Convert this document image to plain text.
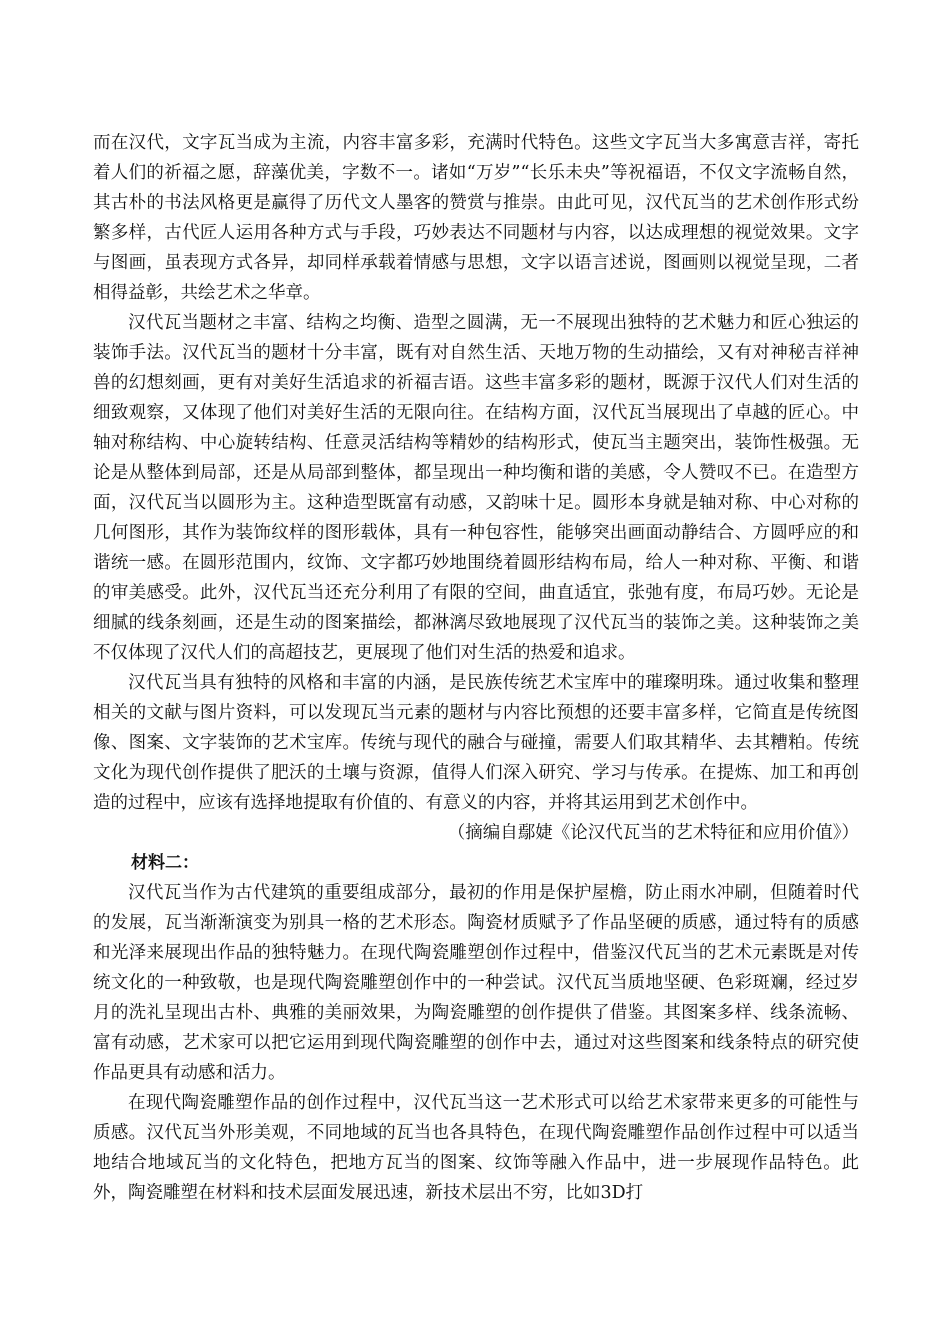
而在汉代，文字瓦当成为主流，内容丰富多彩，充满时代特色。这些文字瓦当大多寓意吉祥，寄托着人们的祈福之愿，辞藻优美，字数不一。诸如“万岁”“长乐未央”等祝福语，不仅文字流畅自然，其古朴的书法风格更是赢得了历代文人墨客的赞赏与推崇。由此可见，汉代瓦当的艺术创作形式纷繁多样，古代匠人运用各种方式与手段，巧妙表达不同题材与内容，以达成理想的视觉效果。文字与图画，虽表现方式各异，却同样承载着情感与思想，文字以语言述说，图画则以视觉呈现，二者相得益彰，共绘艺术之华章。

汉代瓦当题材之丰富、结构之均衡、造型之圆满，无一不展现出独特的艺术魅力和匠心独运的装饰手法。汉代瓦当的题材十分丰富，既有对自然生活、天地万物的生动描绘，又有对神秘吉祥神兽的幻想刻画，更有对美好生活追求的祈福吉语。这些丰富多彩的题材，既源于汉代人们对生活的细致观察，又体现了他们对美好生活的无限向往。在结构方面，汉代瓦当展现出了卓越的匠心。中轴对称结构、中心旋转结构、任意灵活结构等精妙的结构形式，使瓦当主题突出，装饰性极强。无论是从整体到局部，还是从局部到整体，都呈现出一种均衡和谐的美感，令人赞叹不已。在造型方面，汉代瓦当以圆形为主。这种造型既富有动感，又韵味十足。圆形本身就是轴对称、中心对称的几何图形，其作为装饰纹样的图形载体，具有一种包容性，能够突出画面动静结合、方圆呼应的和谐统一感。在圆形范围内，纹饰、文字都巧妙地围绕着圆形结构布局，给人一种对称、平衡、和谐的审美感受。此外，汉代瓦当还充分利用了有限的空间，曲直适宜，张弛有度，布局巧妙。无论是细腻的线条刻画，还是生动的图案描绘，都淋漓尽致地展现了汉代瓦当的装饰之美。这种装饰之美不仅体现了汉代人们的高超技艺，更展现了他们对生活的热爱和追求。

汉代瓦当具有独特的风格和丰富的内涵，是民族传统艺术宝库中的璀璨明珠。通过收集和整理相关的文献与图片资料，可以发现瓦当元素的题材与内容比预想的还要丰富多样，它简直是传统图像、图案、文字装饰的艺术宝库。传统与现代的融合与碰撞，需要人们取其精华、去其糟粕。传统文化为现代创作提供了肥沃的土壤与资源，值得人们深入研究、学习与传承。在提炼、加工和再创造的过程中，应该有选择地提取有价值的、有意义的内容，并将其运用到艺术创作中。

（摘编自鄢婕《论汉代瓦当的艺术特征和应用价值》）

材料二：

汉代瓦当作为古代建筑的重要组成部分，最初的作用是保护屋檐，防止雨水冲刷，但随着时代的发展，瓦当渐渐演变为别具一格的艺术形态。陶瓷材质赋予了作品坚硬的质感，通过特有的质感和光泽来展现出作品的独特魅力。在现代陶瓷雕塑创作过程中，借鉴汉代瓦当的艺术元素既是对传统文化的一种致敬，也是现代陶瓷雕塑创作中的一种尝试。汉代瓦当质地坚硬、色彩斑斓，经过岁月的洗礼呈现出古朴、典雅的美丽效果，为陶瓷雕塑的创作提供了借鉴。其图案多样、线条流畅、富有动感，艺术家可以把它运用到现代陶瓷雕塑的创作中去，通过对这些图案和线条特点的研究使作品更具有动感和活力。

在现代陶瓷雕塑作品的创作过程中，汉代瓦当这一艺术形式可以给艺术家带来更多的可能性与质感。汉代瓦当外形美观，不同地域的瓦当也各具特色，在现代陶瓷雕塑作品创作过程中可以适当地结合地域瓦当的文化特色，把地方瓦当的图案、纹饰等融入作品中，进一步展现作品特色。此外，陶瓷雕塑在材料和技术层面发展迅速，新技术层出不穷，比如3D打
